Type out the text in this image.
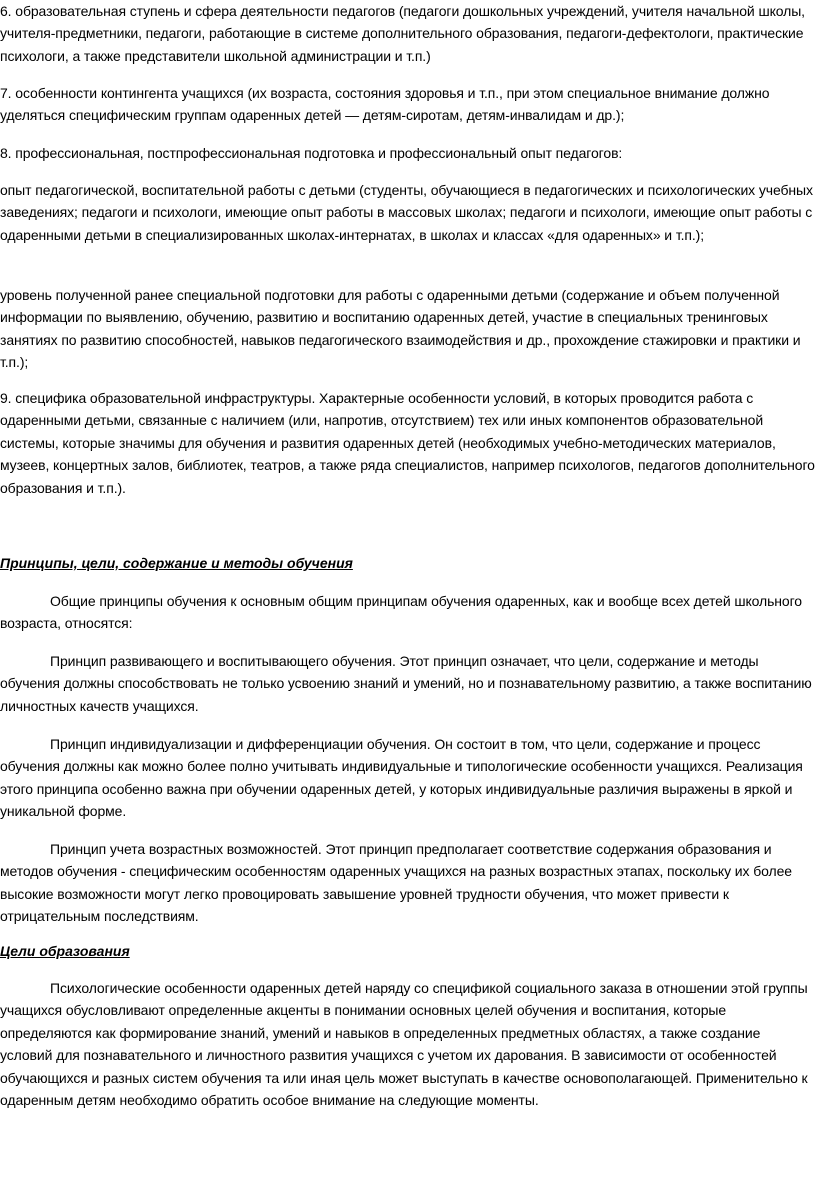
6. образовательная ступень и сфера деятельности педагогов (педагоги дошкольных учреждений, учителя начальной школы, учителя-предметники, педагоги, работающие в системе дополнительного образования, педагоги-дефектологи, практические психологи, а также представители школьной администрации и т.п.)

7. особенности контингента учащихся (их возраста, состояния здоровья и т.п., при этом специальное внимание должно уделяться специфическим группам одаренных детей — детям-сиротам, детям-инвалидам и др.);

8. профессиональная, постпрофессиональная подготовка и профессиональный опыт педагогов:

опыт педагогической, воспитательной работы с детьми (студенты, обучающиеся в педагогических и психологических учебных заведениях; педагоги и психологи, имеющие опыт работы в массовых школах; педагоги и психологи, имеющие опыт работы с одаренными детьми в специализированных школах-интернатах, в школах и классах «для одаренных» и т.п.);

уровень полученной ранее специальной подготовки для работы с одаренными детьми (содержание и объем полученной информации по выявлению, обучению, развитию и воспитанию одаренных детей, участие в специальных тренинговых занятиях по развитию способностей, навыков педагогического взаимодействия и др., прохождение стажировки и практики и т.п.);

9. специфика образовательной инфраструктуры. Характерные особенности условий, в которых проводится работа с одаренными детьми, связанные с наличием (или, напротив, отсутствием) тех или иных компонентов образовательной системы, которые значимы для обучения и развития одаренных детей (необходимых учебно-методических материалов, музеев, концертных залов, библиотек, театров, а также ряда специалистов, например психологов, педагогов дополнительного образования и т.п.).

Принципы, цели, содержание и методы обучения

Общие принципы обучения к основным общим принципам обучения одаренных, как и вообще всех детей школьного возраста, относятся:

Принцип развивающего и воспитывающего обучения. Этот принцип означает, что цели, содержание и методы обучения должны способствовать не только усвоению знаний и умений, но и познавательному развитию, а также воспитанию личностных качеств учащихся.

Принцип индивидуализации и дифференциации обучения. Он состоит в том, что цели, содержание и процесс обучения должны как можно более полно учитывать индивидуальные и типологические особенности учащихся. Реализация этого принципа особенно важна при обучении одаренных детей, у которых индивидуальные различия выражены в яркой и уникальной форме.

Принцип учета возрастных возможностей. Этот принцип предполагает соответствие содержания образования и методов обучения - специфическим особенностям одаренных учащихся на разных возрастных этапах, поскольку их более высокие возможности могут легко провоцировать завышение уровней трудности обучения, что может привести к отрицательным последствиям.

Цели образования

Психологические особенности одаренных детей наряду со спецификой социального заказа в отношении этой группы учащихся обусловливают определенные акценты в понимании основных целей обучения и воспитания, которые определяются как формирование знаний, умений и навыков в определенных предметных областях, а также создание условий для познавательного и личностного развития учащихся с учетом их дарования. В зависимости от особенностей обучающихся и разных систем обучения та или иная цель может выступать в качестве основополагающей. Применительно к одаренным детям необходимо обратить особое внимание на следующие моменты.
